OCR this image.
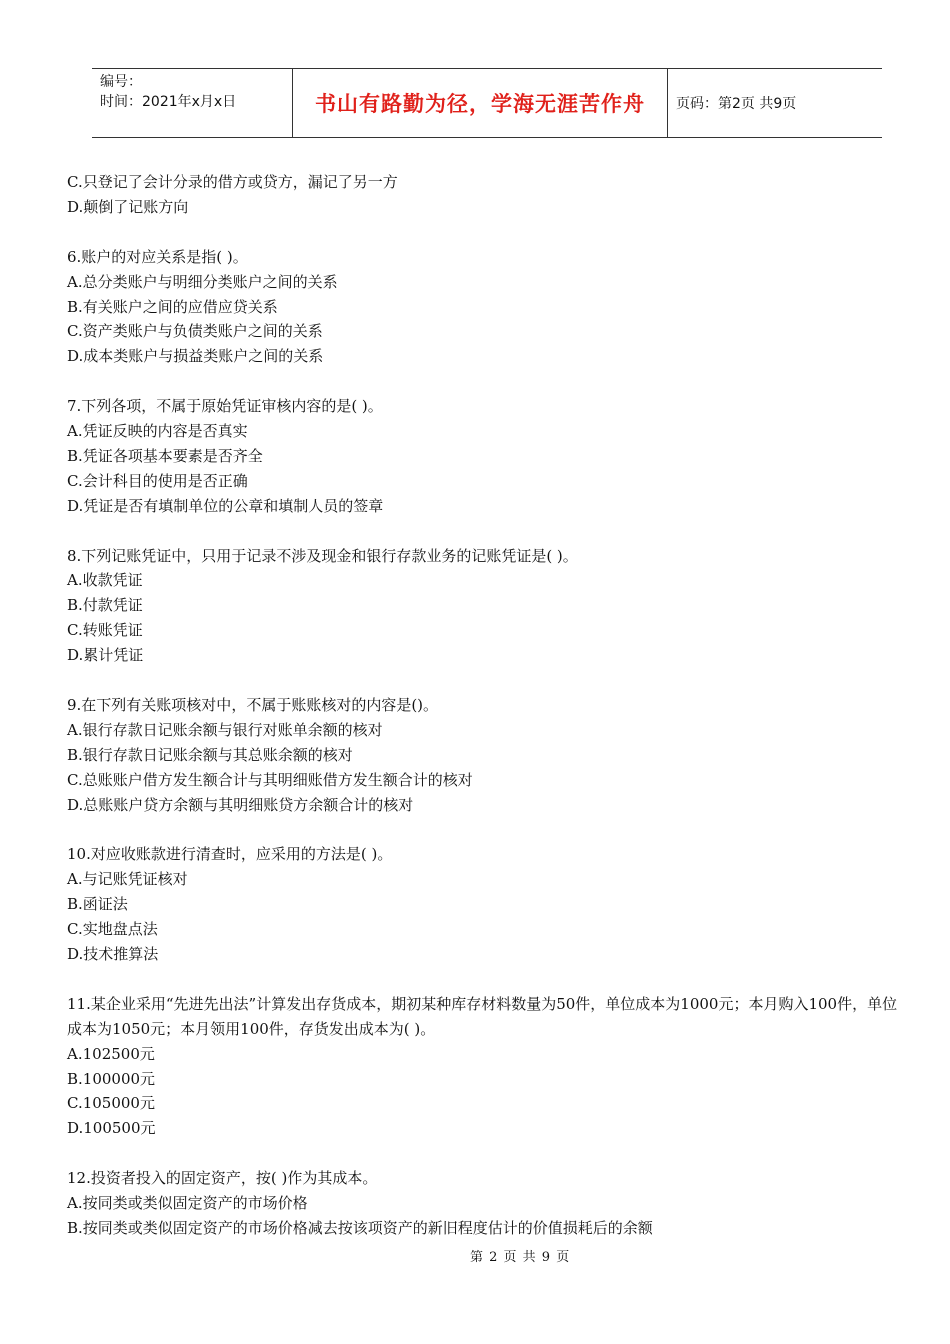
编号：
时间：2021年x月x日	书山有路勤为径，学海无涯苦作舟	页码：第2页 共9页
C.只登记了会计分录的借方或贷方，漏记了另一方
D.颠倒了记账方向
6.账户的对应关系是指( )。
A.总分类账户与明细分类账户之间的关系
B.有关账户之间的应借应贷关系
C.资产类账户与负债类账户之间的关系
D.成本类账户与损益类账户之间的关系
7.下列各项，不属于原始凭证审核内容的是( )。
A.凭证反映的内容是否真实
B.凭证各项基本要素是否齐全
C.会计科目的使用是否正确
D.凭证是否有填制单位的公章和填制人员的签章
8.下列记账凭证中，只用于记录不涉及现金和银行存款业务的记账凭证是( )。
A.收款凭证
B.付款凭证
C.转账凭证
D.累计凭证
9.在下列有关账项核对中，不属于账账核对的内容是()。
A.银行存款日记账余额与银行对账单余额的核对
B.银行存款日记账余额与其总账余额的核对
C.总账账户借方发生额合计与其明细账借方发生额合计的核对
D.总账账户贷方余额与其明细账贷方余额合计的核对
10.对应收账款进行清查时，应采用的方法是( )。
A.与记账凭证核对
B.函证法
C.实地盘点法
D.技术推算法
11.某企业采用“先进先出法”计算发出存货成本，期初某种库存材料数量为50件，单位成本为1000元；本月购入100件，单位成本为1050元；本月领用100件，存货发出成本为( )。
A.102500元
B.100000元
C.105000元
D.100500元
12.投资者投入的固定资产，按( )作为其成本。
A.按同类或类似固定资产的市场价格
B.按同类或类似固定资产的市场价格减去按该项资产的新旧程度估计的价值损耗后的余额
第 2 页 共 9 页
